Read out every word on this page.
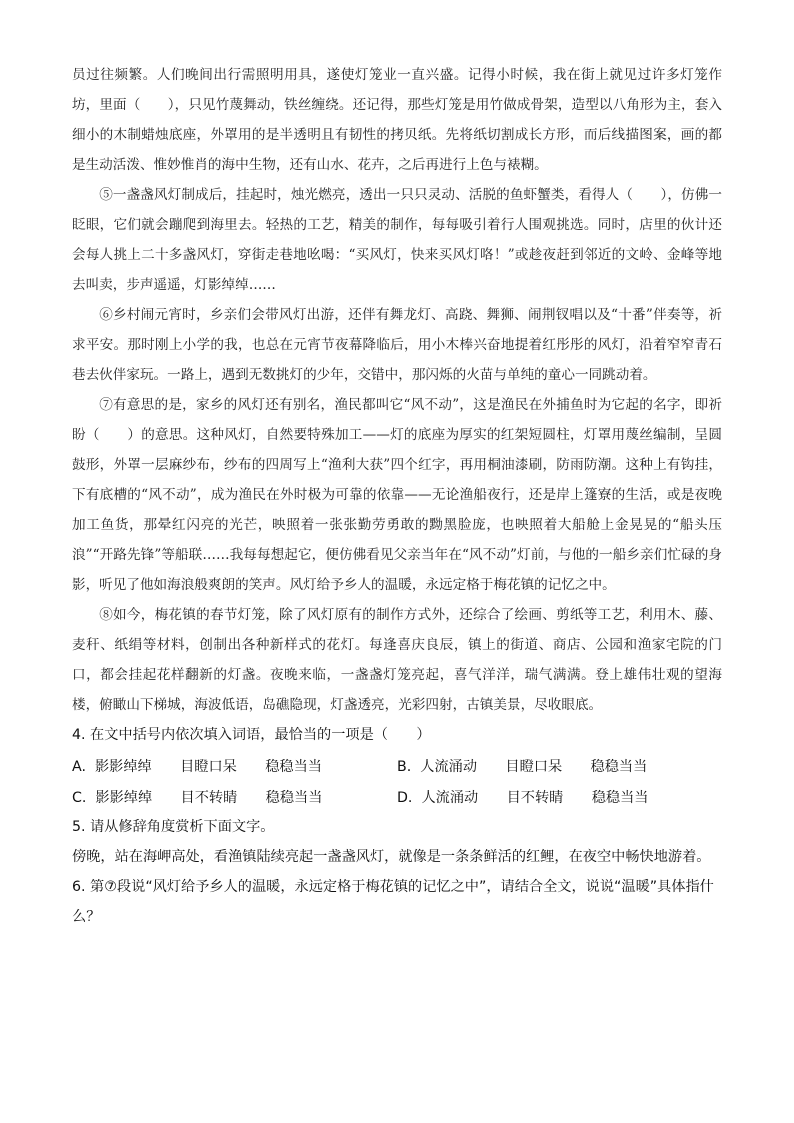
员过往频繁。人们晚间出行需照明用具，遂使灯笼业一直兴盛。记得小时候，我在街上就见过许多灯笼作坊，里面（　　），只见竹蔑舞动，铁丝缠绕。还记得，那些灯笼是用竹做成骨架，造型以八角形为主，套入细小的木制蜡烛底座，外罩用的是半透明且有韧性的拷贝纸。先将纸切割成长方形，而后线描图案，画的都是生动活泼、惟妙惟肖的海中生物，还有山水、花卉，之后再进行上色与裱糊。

⑤一盏盏风灯制成后，挂起时，烛光燃亮，透出一只只灵动、活脱的鱼虾蟹类，看得人（　　），仿佛一眨眼，它们就会蹦爬到海里去。轻热的工艺，精美的制作，每每吸引着行人围观挑选。同时，店里的伙计还会每人挑上二十多盏风灯，穿街走巷地吆喝：“买风灯，快来买风灯咯！”或趁夜赶到邻近的文岭、金峰等地去叫卖，步声遥遥，灯影绰绰……

⑥乡村闹元宵时，乡亲们会带风灯出游，还伴有舞龙灯、高跷、舞狮、闹荆钗唱以及“十番”伴奏等，祈求平安。那时刚上小学的我，也总在元宵节夜幕降临后，用小木棒兴奋地提着红彤彤的风灯，沿着窄窄青石巷去伙伴家玩。一路上，遇到无数挑灯的少年，交错中，那闪烁的火苗与单纯的童心一同跳动着。

⑦有意思的是，家乡的风灯还有别名，渔民都叫它“风不动”，这是渔民在外捕鱼时为它起的名字，即祈盼（　　）的意思。这种风灯，自然要特殊加工——灯的底座为厚实的红架短圆柱，灯罩用蔑丝编制，呈圆鼓形，外罩一层麻纱布，纱布的四周写上“渔利大获”四个红字，再用桐油漆刷，防雨防潮。这种上有钩挂，下有底槽的“风不动”，成为渔民在外时极为可靠的依靠——无论渔船夜行，还是岸上篷寮的生活，或是夜晚加工鱼货，那晕红闪亮的光芒，映照着一张张勤劳勇敢的黝黑脸庞，也映照着大船舱上金晃晃的“船头压浪”“开路先锋”等船联……我每每想起它，便仿佛看见父亲当年在“风不动”灯前，与他的一船乡亲们忙碌的身影，听见了他如海浪般爽朗的笑声。风灯给予乡人的温暖，永远定格于梅花镇的记忆之中。

⑧如今，梅花镇的春节灯笼，除了风灯原有的制作方式外，还综合了绘画、剪纸等工艺，利用木、藤、麦秆、纸绢等材料，创制出各种新样式的花灯。每逢喜庆良辰，镇上的街道、商店、公园和渔家宅院的门口，都会挂起花样翻新的灯盏。夜晚来临，一盏盏灯笼亮起，喜气洋洋，瑞气满满。登上雄伟壮观的望海楼，俯瞰山下梯城，海波低语，岛礁隐现，灯盏透亮，光彩四射，古镇美景，尽收眼底。

4. 在文中括号内依次填入词语，最恰当的一项是（　　）

A.  影影绰绰　　目瞪口呆　　稳稳当当	B.  人流涌动　　目瞪口呆　　稳稳当当
C.  影影绰绰　　目不转睛　　稳稳当当	D.  人流涌动　　目不转睛　　稳稳当当

5. 请从修辞角度赏析下面文字。

傍晚，站在海岬高处，看渔镇陆续亮起一盏盏风灯，就像是一条条鲜活的红鲤，在夜空中畅快地游着。

6. 第⑦段说“风灯给予乡人的温暖，永远定格于梅花镇的记忆之中”，请结合全文，说说“温暖”具体指什么？
